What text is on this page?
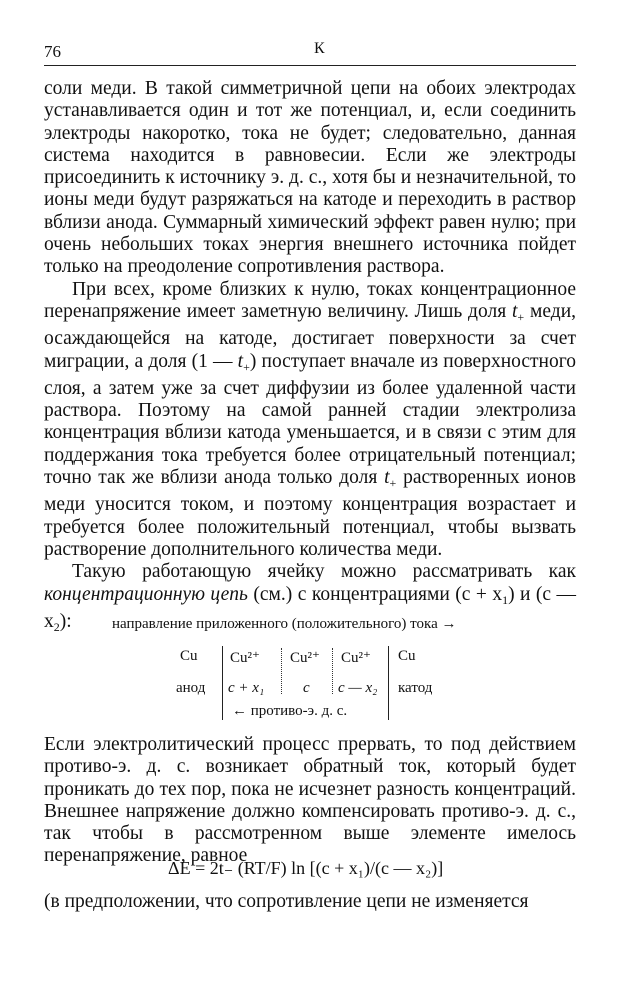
76	К

соли меди. В такой симметричной цепи на обоих электродах устанавливается один и тот же потенциал, и, если соединить электроды накоротко, тока не будет; следовательно, данная система находится в равновесии. Если же электроды присоединить к источнику э. д. с., хотя бы и незначительной, то ионы меди будут разряжаться на катоде и переходить в раствор вблизи анода. Суммарный химический эффект равен нулю; при очень небольших токах энергия внешнего источника пойдет только на преодоление сопротивления раствора.

При всех, кроме близких к нулю, токах концентрационное перенапряжение имеет заметную величину. Лишь доля $t_+$ меди, осаждающейся на катоде, достигает поверхности за счет миграции, а доля (1 — $t_+$) поступает вначале из поверхностного слоя, а затем уже за счет диффузии из более удаленной части раствора. Поэтому на самой ранней стадии электролиза концентрация вблизи катода уменьшается, и в связи с этим для поддержания тока требуется более отрицательный потенциал; точно так же вблизи анода только доля $t_+$ растворенных ионов меди уносится током, и поэтому концентрация возрастает и требуется более положительный потенциал, чтобы вызвать растворение дополнительного количества меди.

Такую работающую ячейку можно рассматривать как концентрационную цепь (см.) с концентрациями $(c + x_1)$ и (c — $x_2$):	направление приложенного (положительного) тока →
Cu
анод
Cu²⁺
c + x₁
Cu²⁺
c
Cu²⁺
c — x₂
Cu
катод
← противо-э. д. с.

Если электролитический процесс прервать, то под действием противо-э. д. с. возникает обратный ток, который будет проникать до тех пор, пока не исчезнет разность концентраций. Внешнее напряжение должно компенсировать противо-э. д. с., так чтобы в рассмотренном выше элементе имелось перенапряжение, равное

ΔE = 2t₋ (RT/F) ln [(c + x₁)/(c — x₂)]
(в предположении, что сопротивление цепи не изменяется
